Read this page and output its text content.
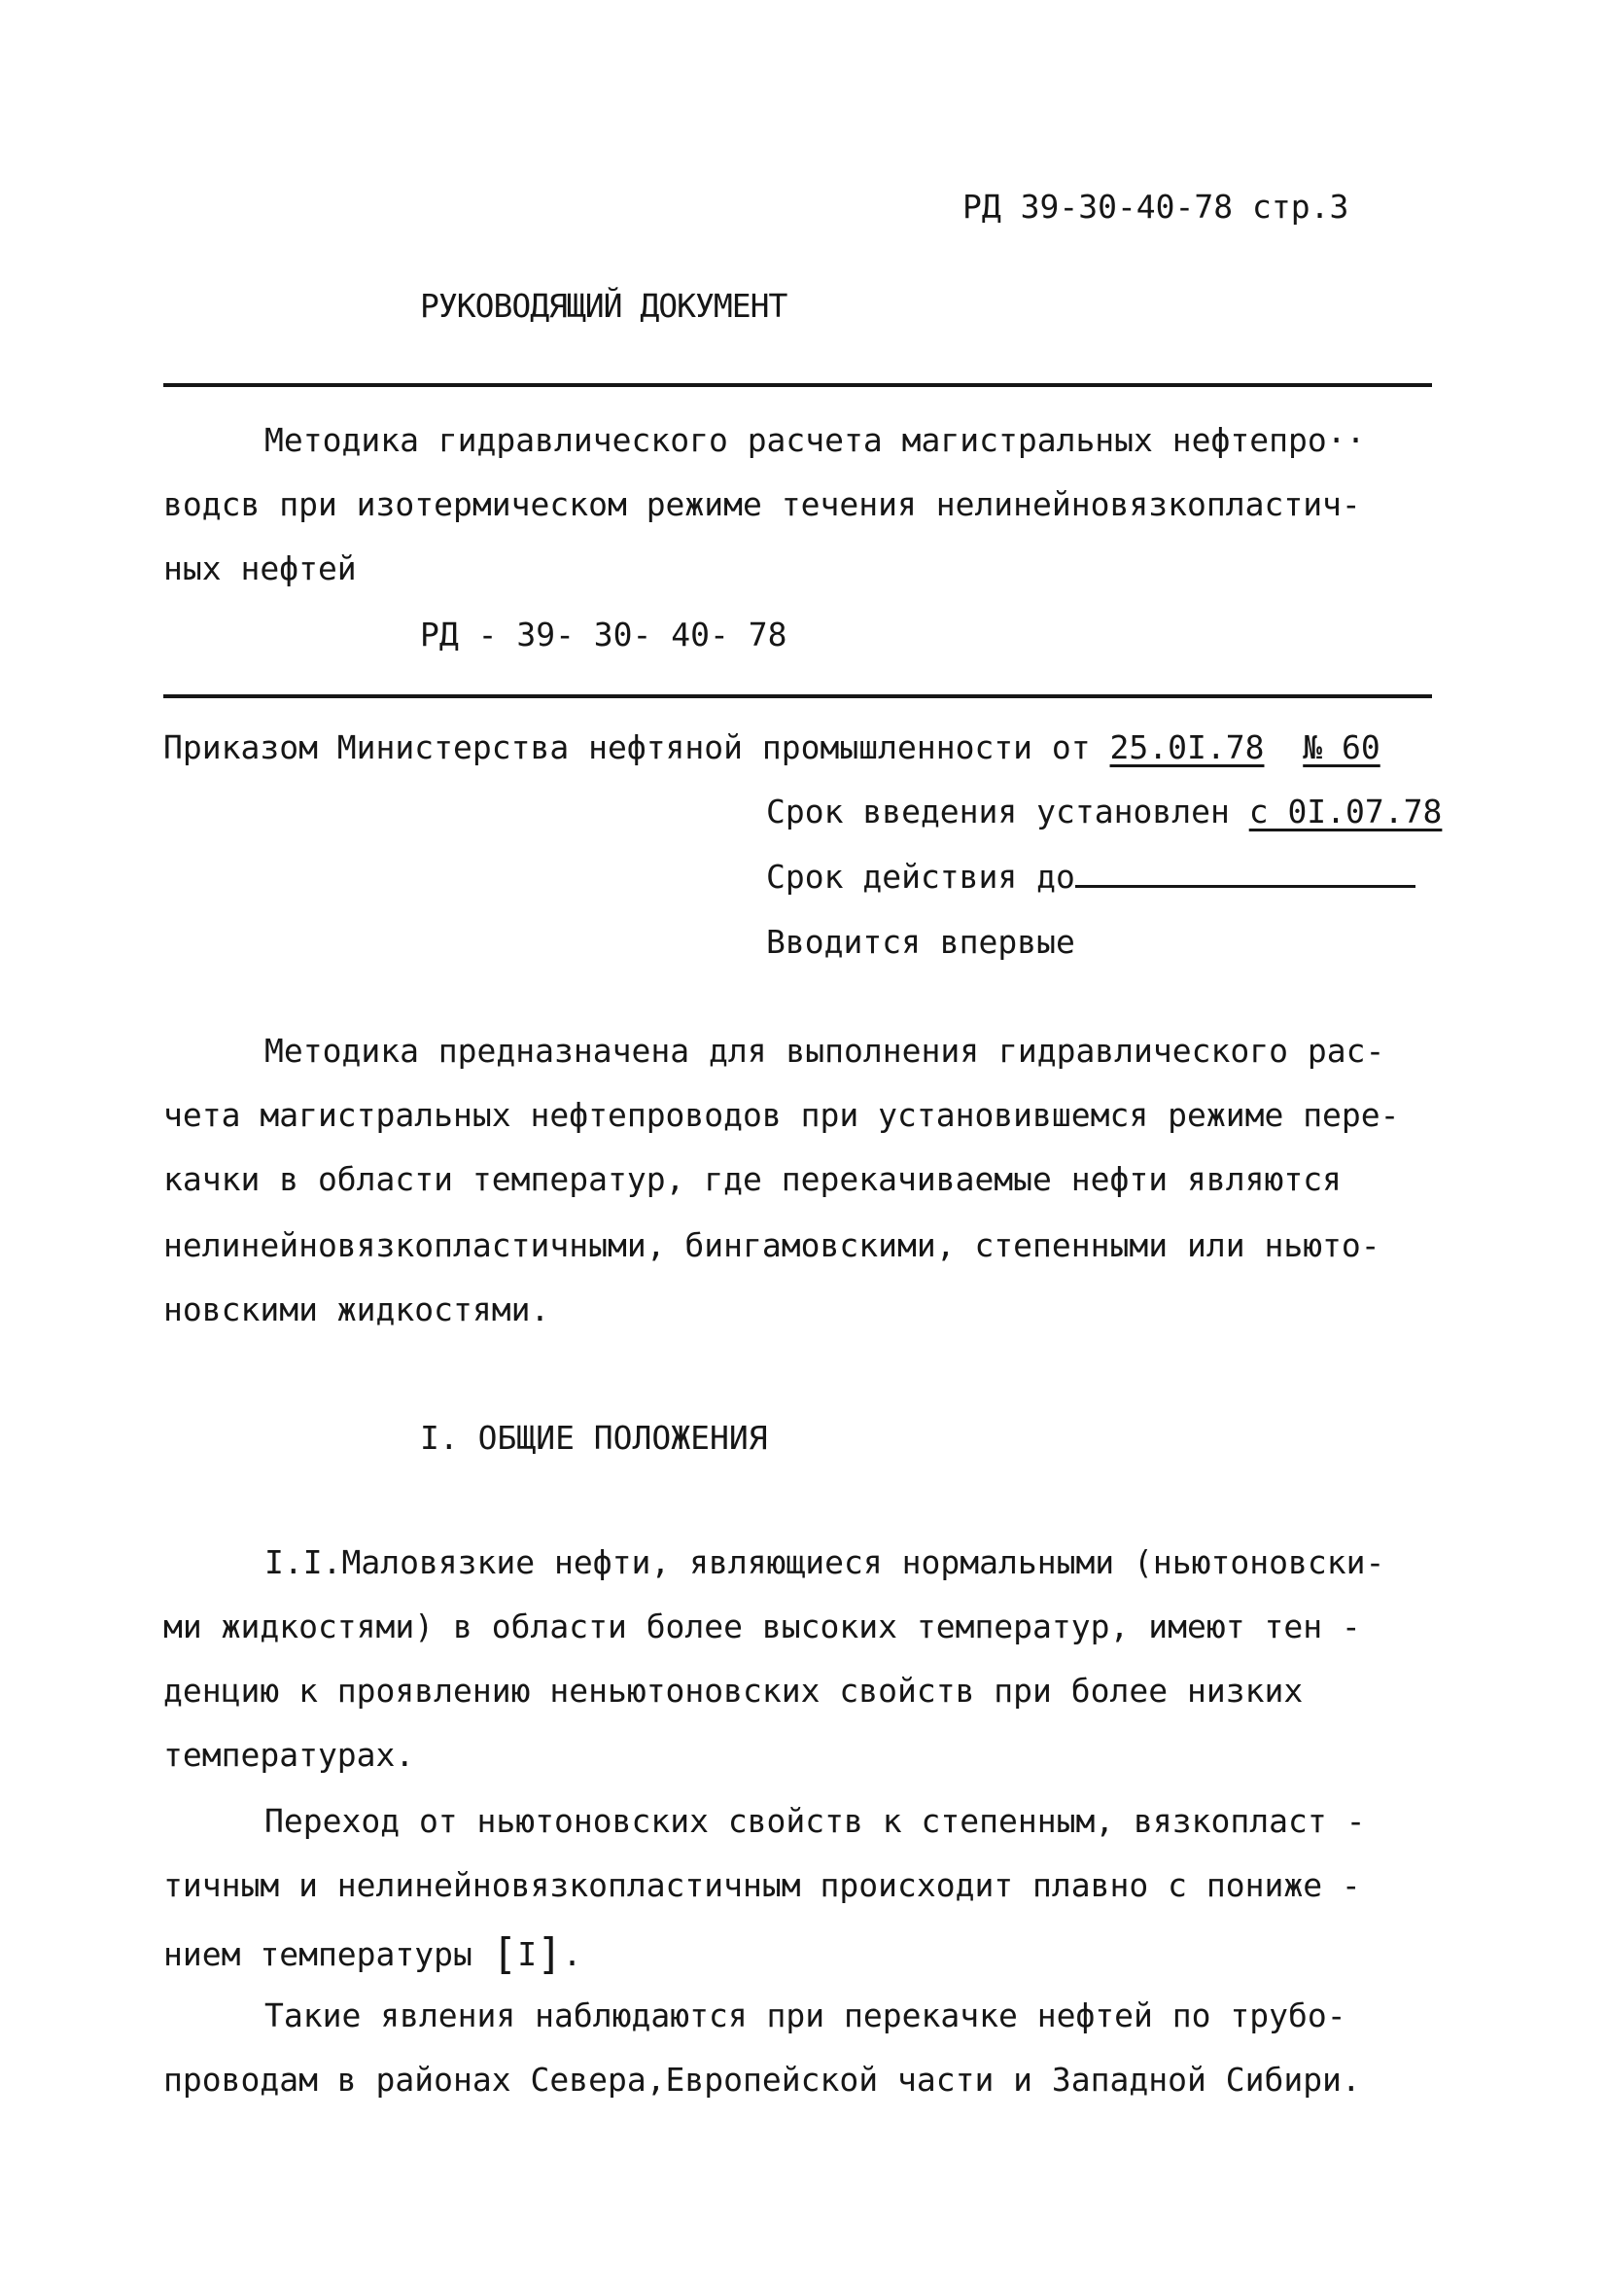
РД 39-30-40-78 стр.3
РУКОВОДЯЩИЙ ДОКУМЕНТ
Методика гидравлического расчета магистральных нефтепро··
водсв при изотермическом режиме течения нелинейновязкопластич-
ных нефтей
РД - 39- 30- 40- 78
Приказом Министерства нефтяной промышленности от 25.0I.78 № 60
Срок введения установлен с 0I.07.78
Срок действия до
Вводится впервые
Методика предназначена для выполнения гидравлического рас-
чета магистральных нефтепроводов при установившемся режиме пере-
качки в области температур, где перекачиваемые нефти являются
нелинейновязкопластичными, бингамовскими, степенными или ньюто-
новскими жидкостями.
I. ОБЩИЕ ПОЛОЖЕНИЯ
I.I.Маловязкие нефти, являющиеся нормальными (ньютоновски-
ми жидкостями) в области более высоких температур, имеют тен -
денцию к проявлению неньютоновских свойств при более низких
температурах.
Переход от ньютоновских свойств к степенным, вязкопласт -
тичным и нелинейновязкопластичным происходит плавно с пониже -
нием температуры [I].
Такие явления наблюдаются при перекачке нефтей по трубо-
проводам в районах Севера,Европейской части и Западной Сибири.
